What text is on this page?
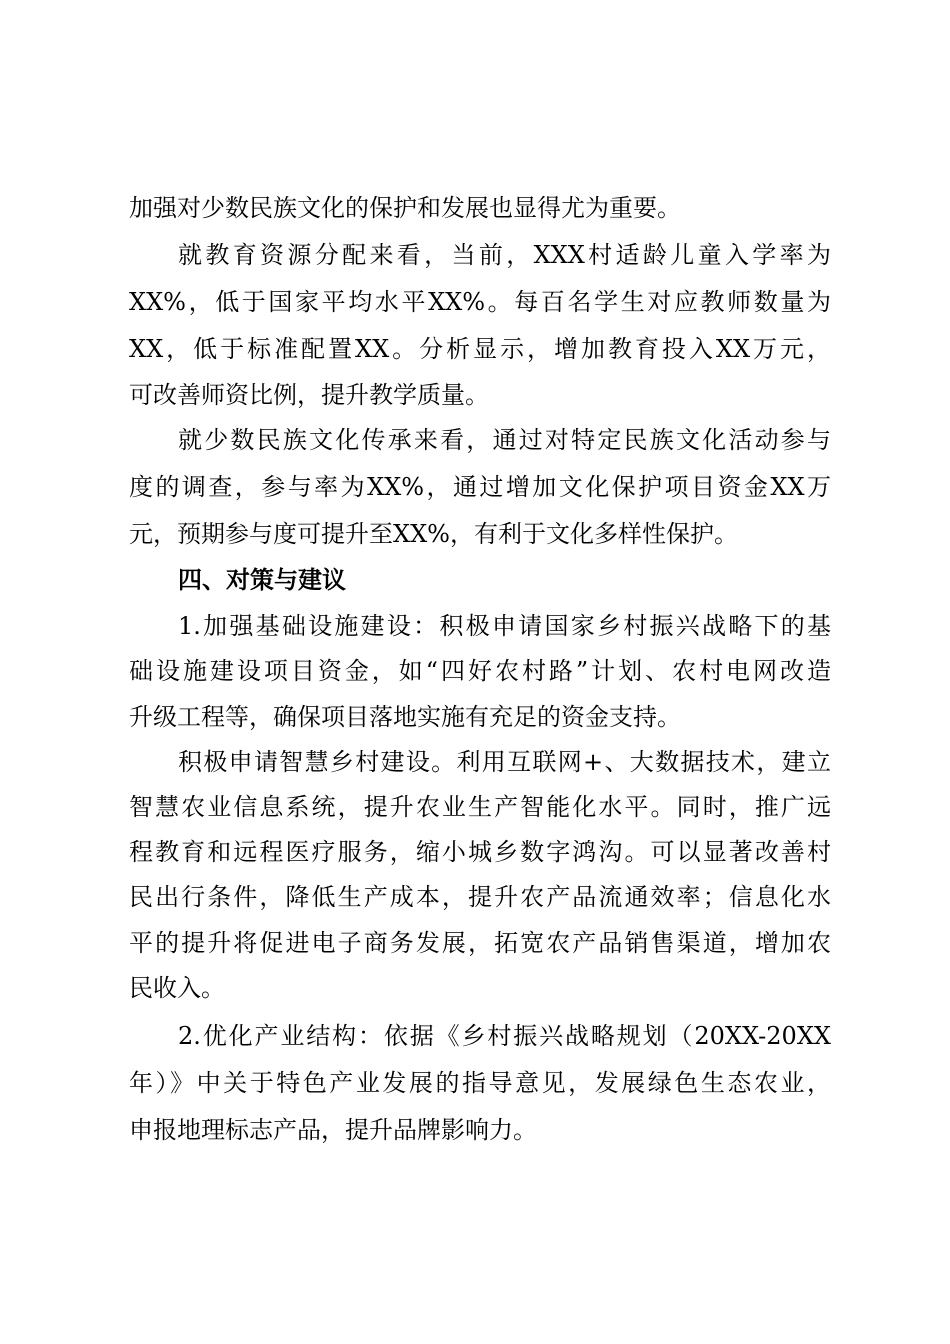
加强对少数民族文化的保护和发展也显得尤为重要。
就教育资源分配来看，当前，XXX村适龄儿童入学率为
XX%，低于国家平均水平XX%。每百名学生对应教师数量为
XX，低于标准配置XX。分析显示，增加教育投入XX万元，
可改善师资比例，提升教学质量。
就少数民族文化传承来看，通过对特定民族文化活动参与
度的调查，参与率为XX%，通过增加文化保护项目资金XX万
元，预期参与度可提升至XX%，有利于文化多样性保护。
四、对策与建议
1.加强基础设施建设：积极申请国家乡村振兴战略下的基
础设施建设项目资金，如“四好农村路”计划、农村电网改造
升级工程等，确保项目落地实施有充足的资金支持。
积极申请智慧乡村建设。利用互联网+、大数据技术，建立
智慧农业信息系统，提升农业生产智能化水平。同时，推广远
程教育和远程医疗服务，缩小城乡数字鸿沟。可以显著改善村
民出行条件，降低生产成本，提升农产品流通效率；信息化水
平的提升将促进电子商务发展，拓宽农产品销售渠道，增加农
民收入。
2.优化产业结构：依据《乡村振兴战略规划（20XX-20XX
年）》中关于特色产业发展的指导意见，发展绿色生态农业，
申报地理标志产品，提升品牌影响力。
